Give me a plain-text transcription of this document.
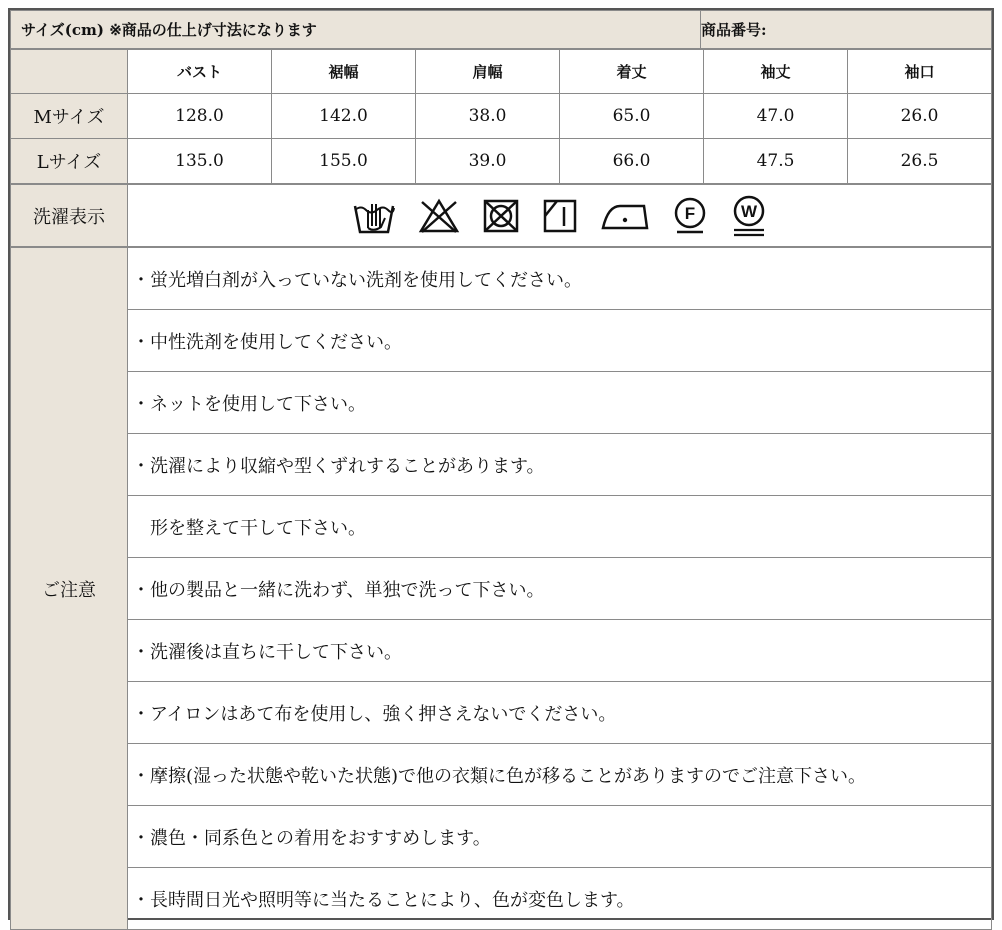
サイズ(cm) ※商品の仕上げ寸法になります	商品番号:
	バスト	裾幅	肩幅	着丈	袖丈	袖口
Mサイズ	128.0	142.0	38.0	65.0	47.0	26.0
Lサイズ	135.0	155.0	39.0	66.0	47.5	26.5
洗濯表示	F	W
ご注意	・蛍光増白剤が入っていない洗剤を使用してください。
・中性洗剤を使用してください。
・ネットを使用して下さい。
・洗濯により収縮や型くずれすることがあります。
　形を整えて干して下さい。
・他の製品と一緒に洗わず、単独で洗って下さい。
・洗濯後は直ちに干して下さい。
・アイロンはあて布を使用し、強く押さえないでください。
・摩擦(湿った状態や乾いた状態)で他の衣類に色が移ることがありますのでご注意下さい。
・濃色・同系色との着用をおすすめします。
・長時間日光や照明等に当たることにより、色が変色します。
